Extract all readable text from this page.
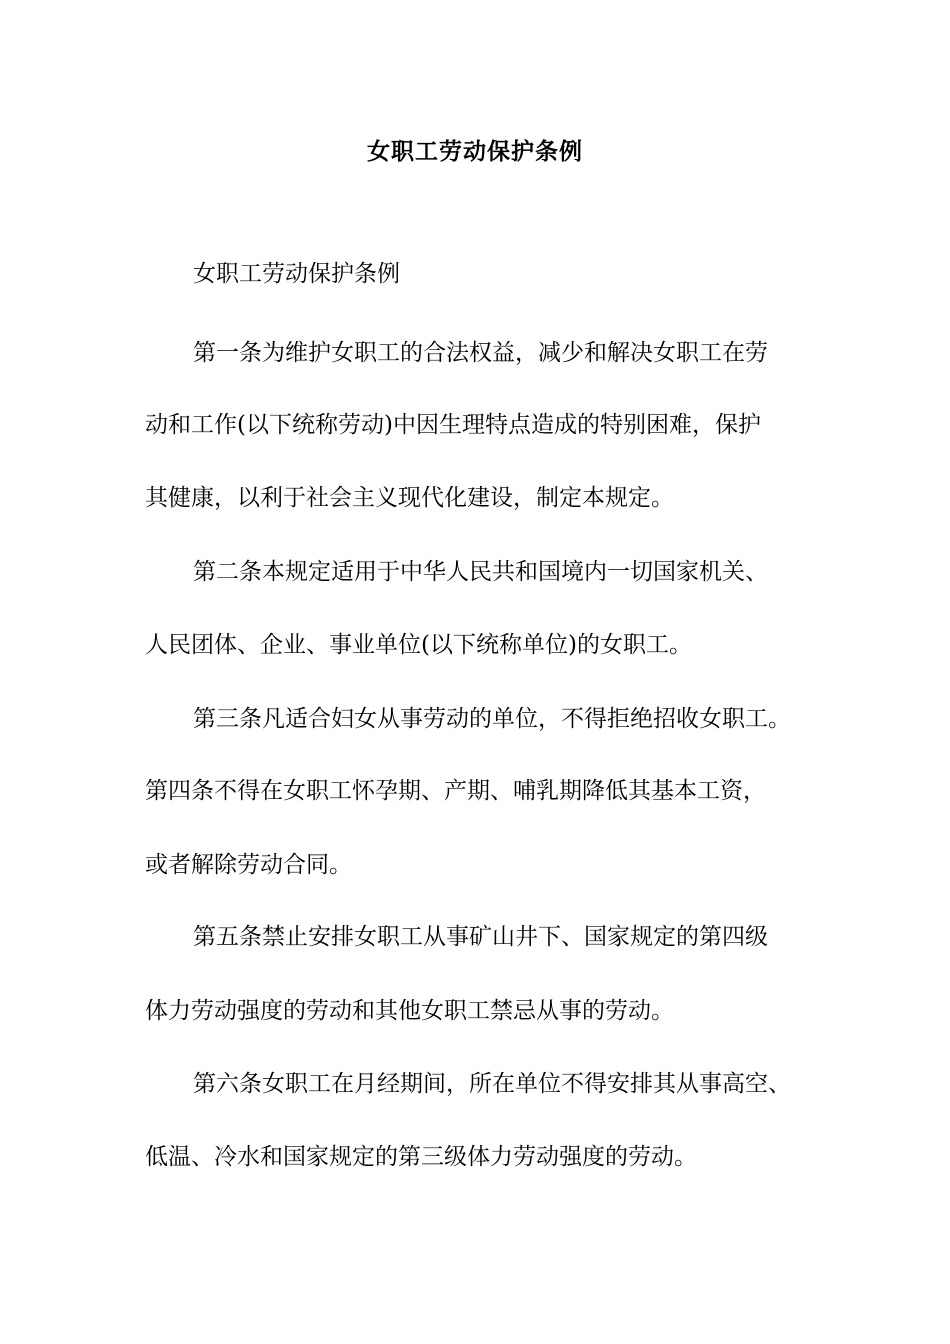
女职工劳动保护条例
女职工劳动保护条例
第一条为维护女职工的合法权益，减少和解决女职工在劳
动和工作(以下统称劳动)中因生理特点造成的特别困难，保护
其健康，以利于社会主义现代化建设，制定本规定。
第二条本规定适用于中华人民共和国境内一切国家机关、
人民团体、企业、事业单位(以下统称单位)的女职工。
第三条凡适合妇女从事劳动的单位，不得拒绝招收女职工。
第四条不得在女职工怀孕期、产期、哺乳期降低其基本工资，
或者解除劳动合同。
第五条禁止安排女职工从事矿山井下、国家规定的第四级
体力劳动强度的劳动和其他女职工禁忌从事的劳动。
第六条女职工在月经期间，所在单位不得安排其从事高空、
低温、冷水和国家规定的第三级体力劳动强度的劳动。
